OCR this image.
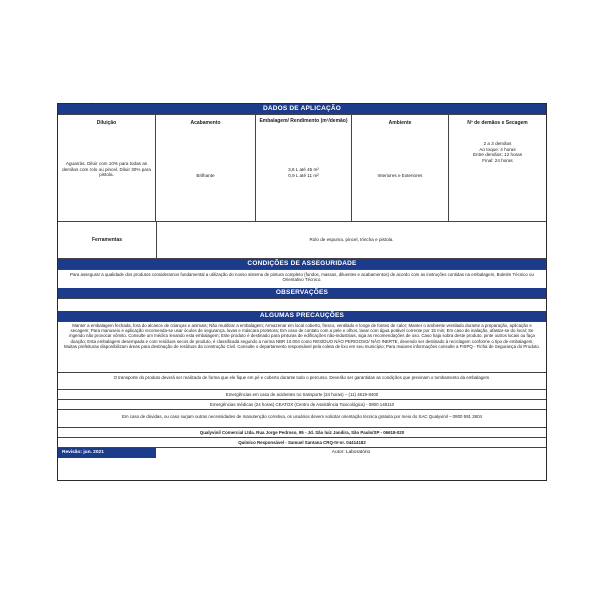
DADOS DE APLICAÇÃO
Diluição
Aguarrás. Diluir com 10% para todas as demãos com rolo ou pincel. Diluir 30% para pistola.
Acabamento
Brilhante
Embalagem/ Rendimento (m²/demão)
3,6 L até 45 m²
0,9 L até 11 m²
Ambiente
Interiores e Exteriores
Nº de demãos e Secagem
2 a 3 demãos
Ao toque: 4 horas
Entre demãos: 12 horas
Final: 24 horas
Ferramentas	Rolo de espuma, pincel, trincha e pistola.
CONDIÇÕES DE ASSEGURIDADE
Para assegurar a qualidade dos produtos consideramos fundamental a utilização do nosso sistema de pintura completo (fundos, massas, diluentes e acabamentos) de acordo com as instruções contidas na embalagem, Boletim Técnico ou Orientativo Técnico.
OBSERVAÇÕES
ALGUMAS PRECAUÇÕES
Manter a embalagem fechada, fora do alcance de crianças e animais; Não reutilizar a embalagem; Armazenar em local coberto, fresco, ventilado e longe de fontes de calor; Manter o ambiente ventilado durante a preparação, aplicação e secagem; Para manuseio e aplicação recomenda-se usar óculos de segurança, luvas e máscara protetora; Em caso de contato com a pele e olhos, lavar com água potável corrente por 15 min; Em caso de inalação, afastar-se do local; Se ingerido não provocar vômito. Consulte um médico levando esta embalagem; Este produto é destinado para pinturas de edificações não-industriais, siga as recomendações de uso. Caso haja sobra deste produto, pinte outros locais ou faça doação; Esta embalagem desempada e com resíduos secos de produto, é classificada segundo a norma NBR 10.004 como RESÍDUO NÃO PERIGOSO/ NÃO INERTE, devendo ser destinado à reciclagem conforme o tipo de embalagem; Muitas prefeituras disponibilizam áreas para destinação de resíduos da construção Civil. Consulte o departamento responsável pela coleta de lixo em seu município; Para maiores informações consulte a FISPQ - Ficha de Segurança do Produto.
O transporte do produto deverá ser realizado de forma que ele fique em pé e coberto durante todo o percurso. Deverão ser garantidas as condições que previnam o tombamento da embalagem.
Emergências em caso de acidentes no transporte (24 horas) – (11) 4619-8400
Emergências médicas (24 horas) CEATOX (Centro de Assistência Toxicológica) - 0800 148110
Em caso de dúvidas, ou caso surjam outras necessidades de manutenção corretiva, os usuários devem solicitar orientação técnica gratuita por meio do SAC Qualyvinil – 0800 591 2604
Qualyvinil Comercial Ltda. Rua Jorge Pedroso, 95 - Jd. São luiz Jandira, São Paulo/SP - 06618-020
Químico Responsável - Samuel Santana CRQ-IV-nr. 04414182
Revisão: jun. 2021	Autor: Laboratório
